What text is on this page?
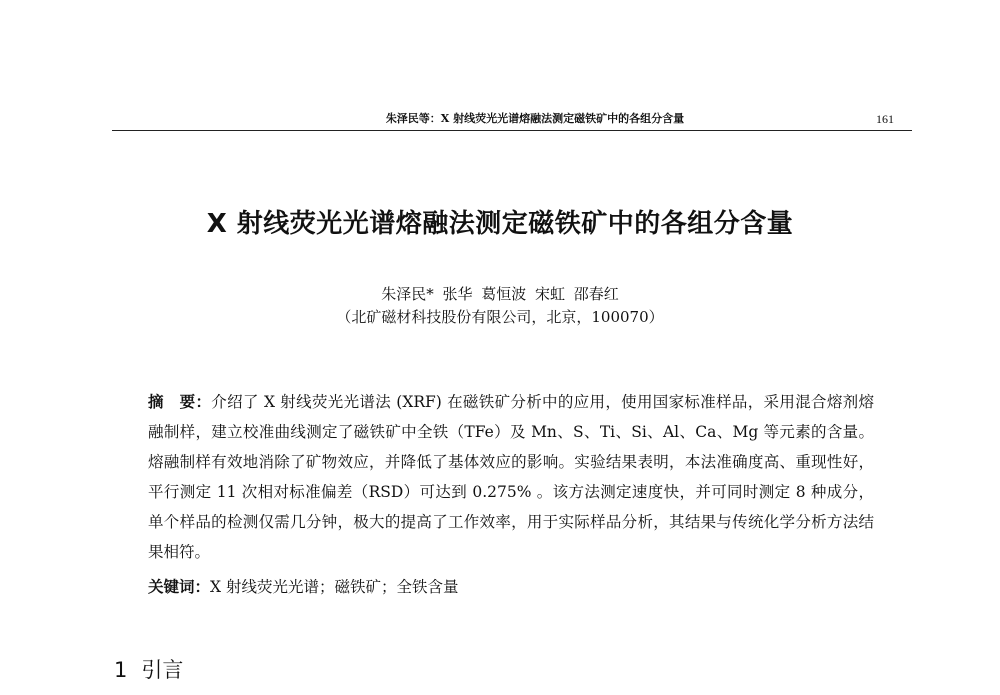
朱泽民等：X 射线荧光光谱熔融法测定磁铁矿中的各组分含量	161
X 射线荧光光谱熔融法测定磁铁矿中的各组分含量
朱泽民* 张华 葛恒波 宋虹 邵春红
（北矿磁材科技股份有限公司，北京，100070）
摘　要：介绍了 X 射线荧光光谱法 (XRF) 在磁铁矿分析中的应用，使用国家标准样品，采用混合熔剂熔融制样，建立校准曲线测定了磁铁矿中全铁（TFe）及 Mn、S、Ti、Si、Al、Ca、Mg 等元素的含量。熔融制样有效地消除了矿物效应，并降低了基体效应的影响。实验结果表明，本法准确度高、重现性好，平行测定 11 次相对标准偏差（RSD）可达到 0.275% 。该方法测定速度快，并可同时测定 8 种成分，单个样品的检测仅需几分钟，极大的提高了工作效率，用于实际样品分析，其结果与传统化学分析方法结果相符。
关键词：X 射线荧光光谱；磁铁矿；全铁含量
1 引言
